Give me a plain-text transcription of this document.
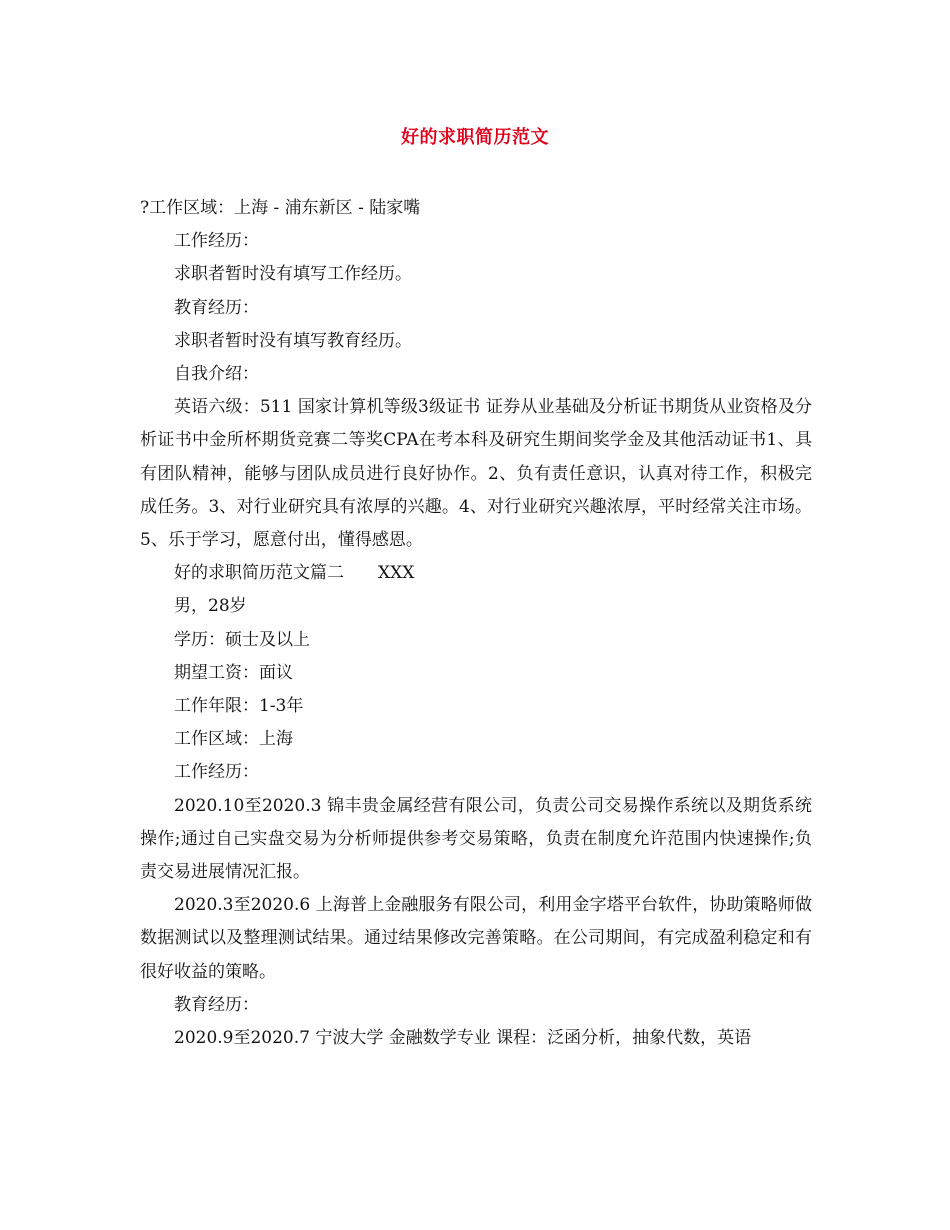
好的求职简历范文

?工作区域：上海 - 浦东新区 - 陆家嘴

工作经历：

求职者暂时没有填写工作经历。

教育经历：

求职者暂时没有填写教育经历。

自我介绍：

英语六级：511 国家计算机等级3级证书 证券从业基础及分析证书期货从业资格及分析证书中金所杯期货竞赛二等奖CPA在考本科及研究生期间奖学金及其他活动证书1、具有团队精神，能够与团队成员进行良好协作。2、负有责任意识，认真对待工作，积极完成任务。3、对行业研究具有浓厚的兴趣。4、对行业研究兴趣浓厚，平时经常关注市场。5、乐于学习，愿意付出，懂得感恩。

好的求职简历范文篇二　　XXX

男，28岁

学历：硕士及以上

期望工资：面议

工作年限：1-3年

工作区域：上海

工作经历：

2020.10至2020.3 锦丰贵金属经营有限公司，负责公司交易操作系统以及期货系统操作;通过自己实盘交易为分析师提供参考交易策略，负责在制度允许范围内快速操作;负责交易进展情况汇报。

2020.3至2020.6 上海普上金融服务有限公司，利用金字塔平台软件，协助策略师做数据测试以及整理测试结果。通过结果修改完善策略。在公司期间，有完成盈利稳定和有很好收益的策略。

教育经历：

2020.9至2020.7 宁波大学 金融数学专业 课程：泛函分析，抽象代数，英语
